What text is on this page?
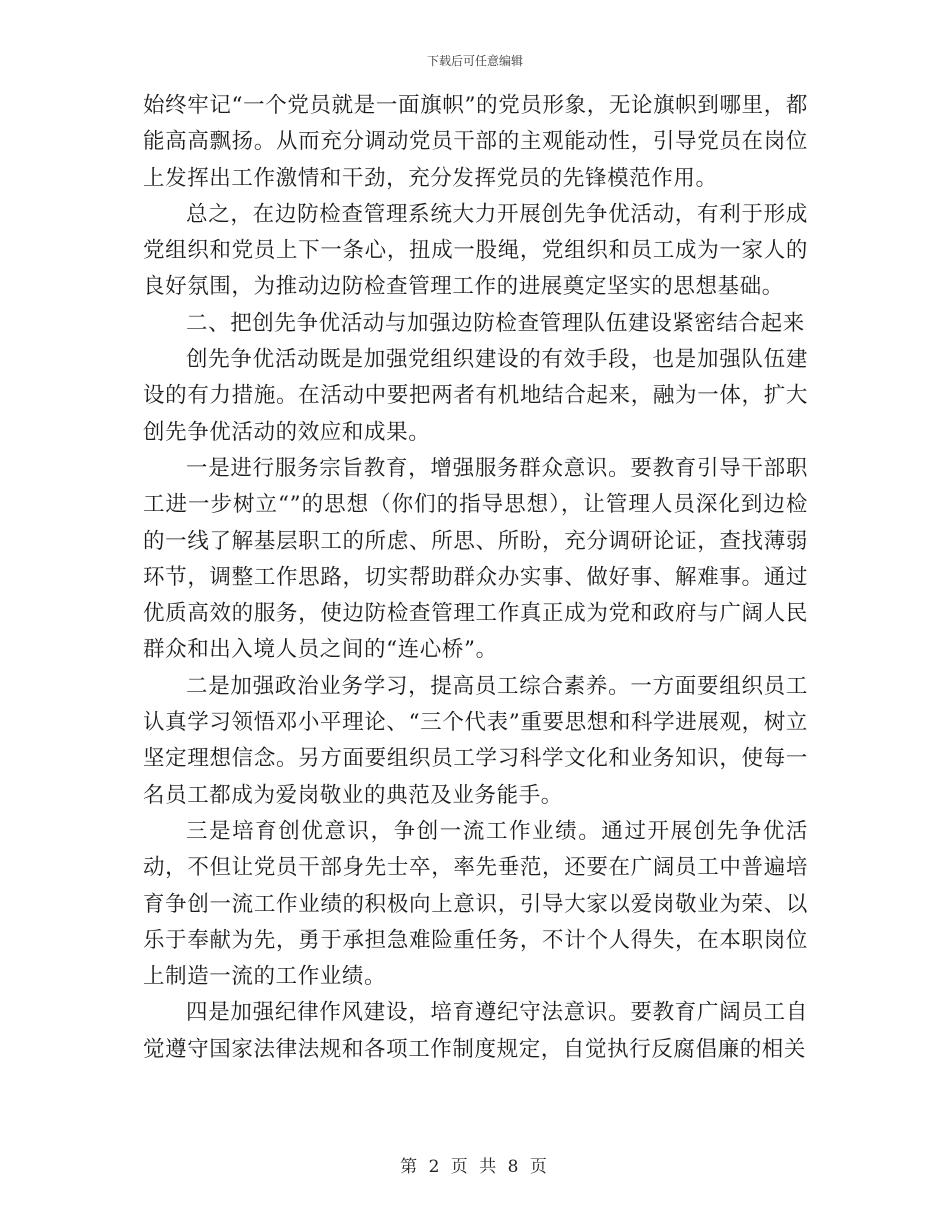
下载后可任意编辑

始终牢记“一个党员就是一面旗帜”的党员形象，无论旗帜到哪里，都能高高飘扬。从而充分调动党员干部的主观能动性，引导党员在岗位上发挥出工作激情和干劲，充分发挥党员的先锋模范作用。

总之，在边防检查管理系统大力开展创先争优活动，有利于形成党组织和党员上下一条心，扭成一股绳，党组织和员工成为一家人的良好氛围，为推动边防检查管理工作的进展奠定坚实的思想基础。

二、把创先争优活动与加强边防检查管理队伍建设紧密结合起来

创先争优活动既是加强党组织建设的有效手段，也是加强队伍建设的有力措施。在活动中要把两者有机地结合起来，融为一体，扩大创先争优活动的效应和成果。

一是进行服务宗旨教育，增强服务群众意识。要教育引导干部职工进一步树立“”的思想（你们的指导思想），让管理人员深化到边检的一线了解基层职工的所虑、所思、所盼，充分调研论证，查找薄弱环节，调整工作思路，切实帮助群众办实事、做好事、解难事。通过优质高效的服务，使边防检查管理工作真正成为党和政府与广阔人民群众和出入境人员之间的“连心桥”。

二是加强政治业务学习，提高员工综合素养。一方面要组织员工认真学习领悟邓小平理论、“三个代表”重要思想和科学进展观，树立坚定理想信念。另方面要组织员工学习科学文化和业务知识，使每一名员工都成为爱岗敬业的典范及业务能手。

三是培育创优意识，争创一流工作业绩。通过开展创先争优活动，不但让党员干部身先士卒，率先垂范，还要在广阔员工中普遍培育争创一流工作业绩的积极向上意识，引导大家以爱岗敬业为荣、以乐于奉献为先，勇于承担急难险重任务，不计个人得失，在本职岗位上制造一流的工作业绩。

四是加强纪律作风建设，培育遵纪守法意识。要教育广阔员工自觉遵守国家法律法规和各项工作制度规定，自觉执行反腐倡廉的相关

第 2 页 共 8 页
